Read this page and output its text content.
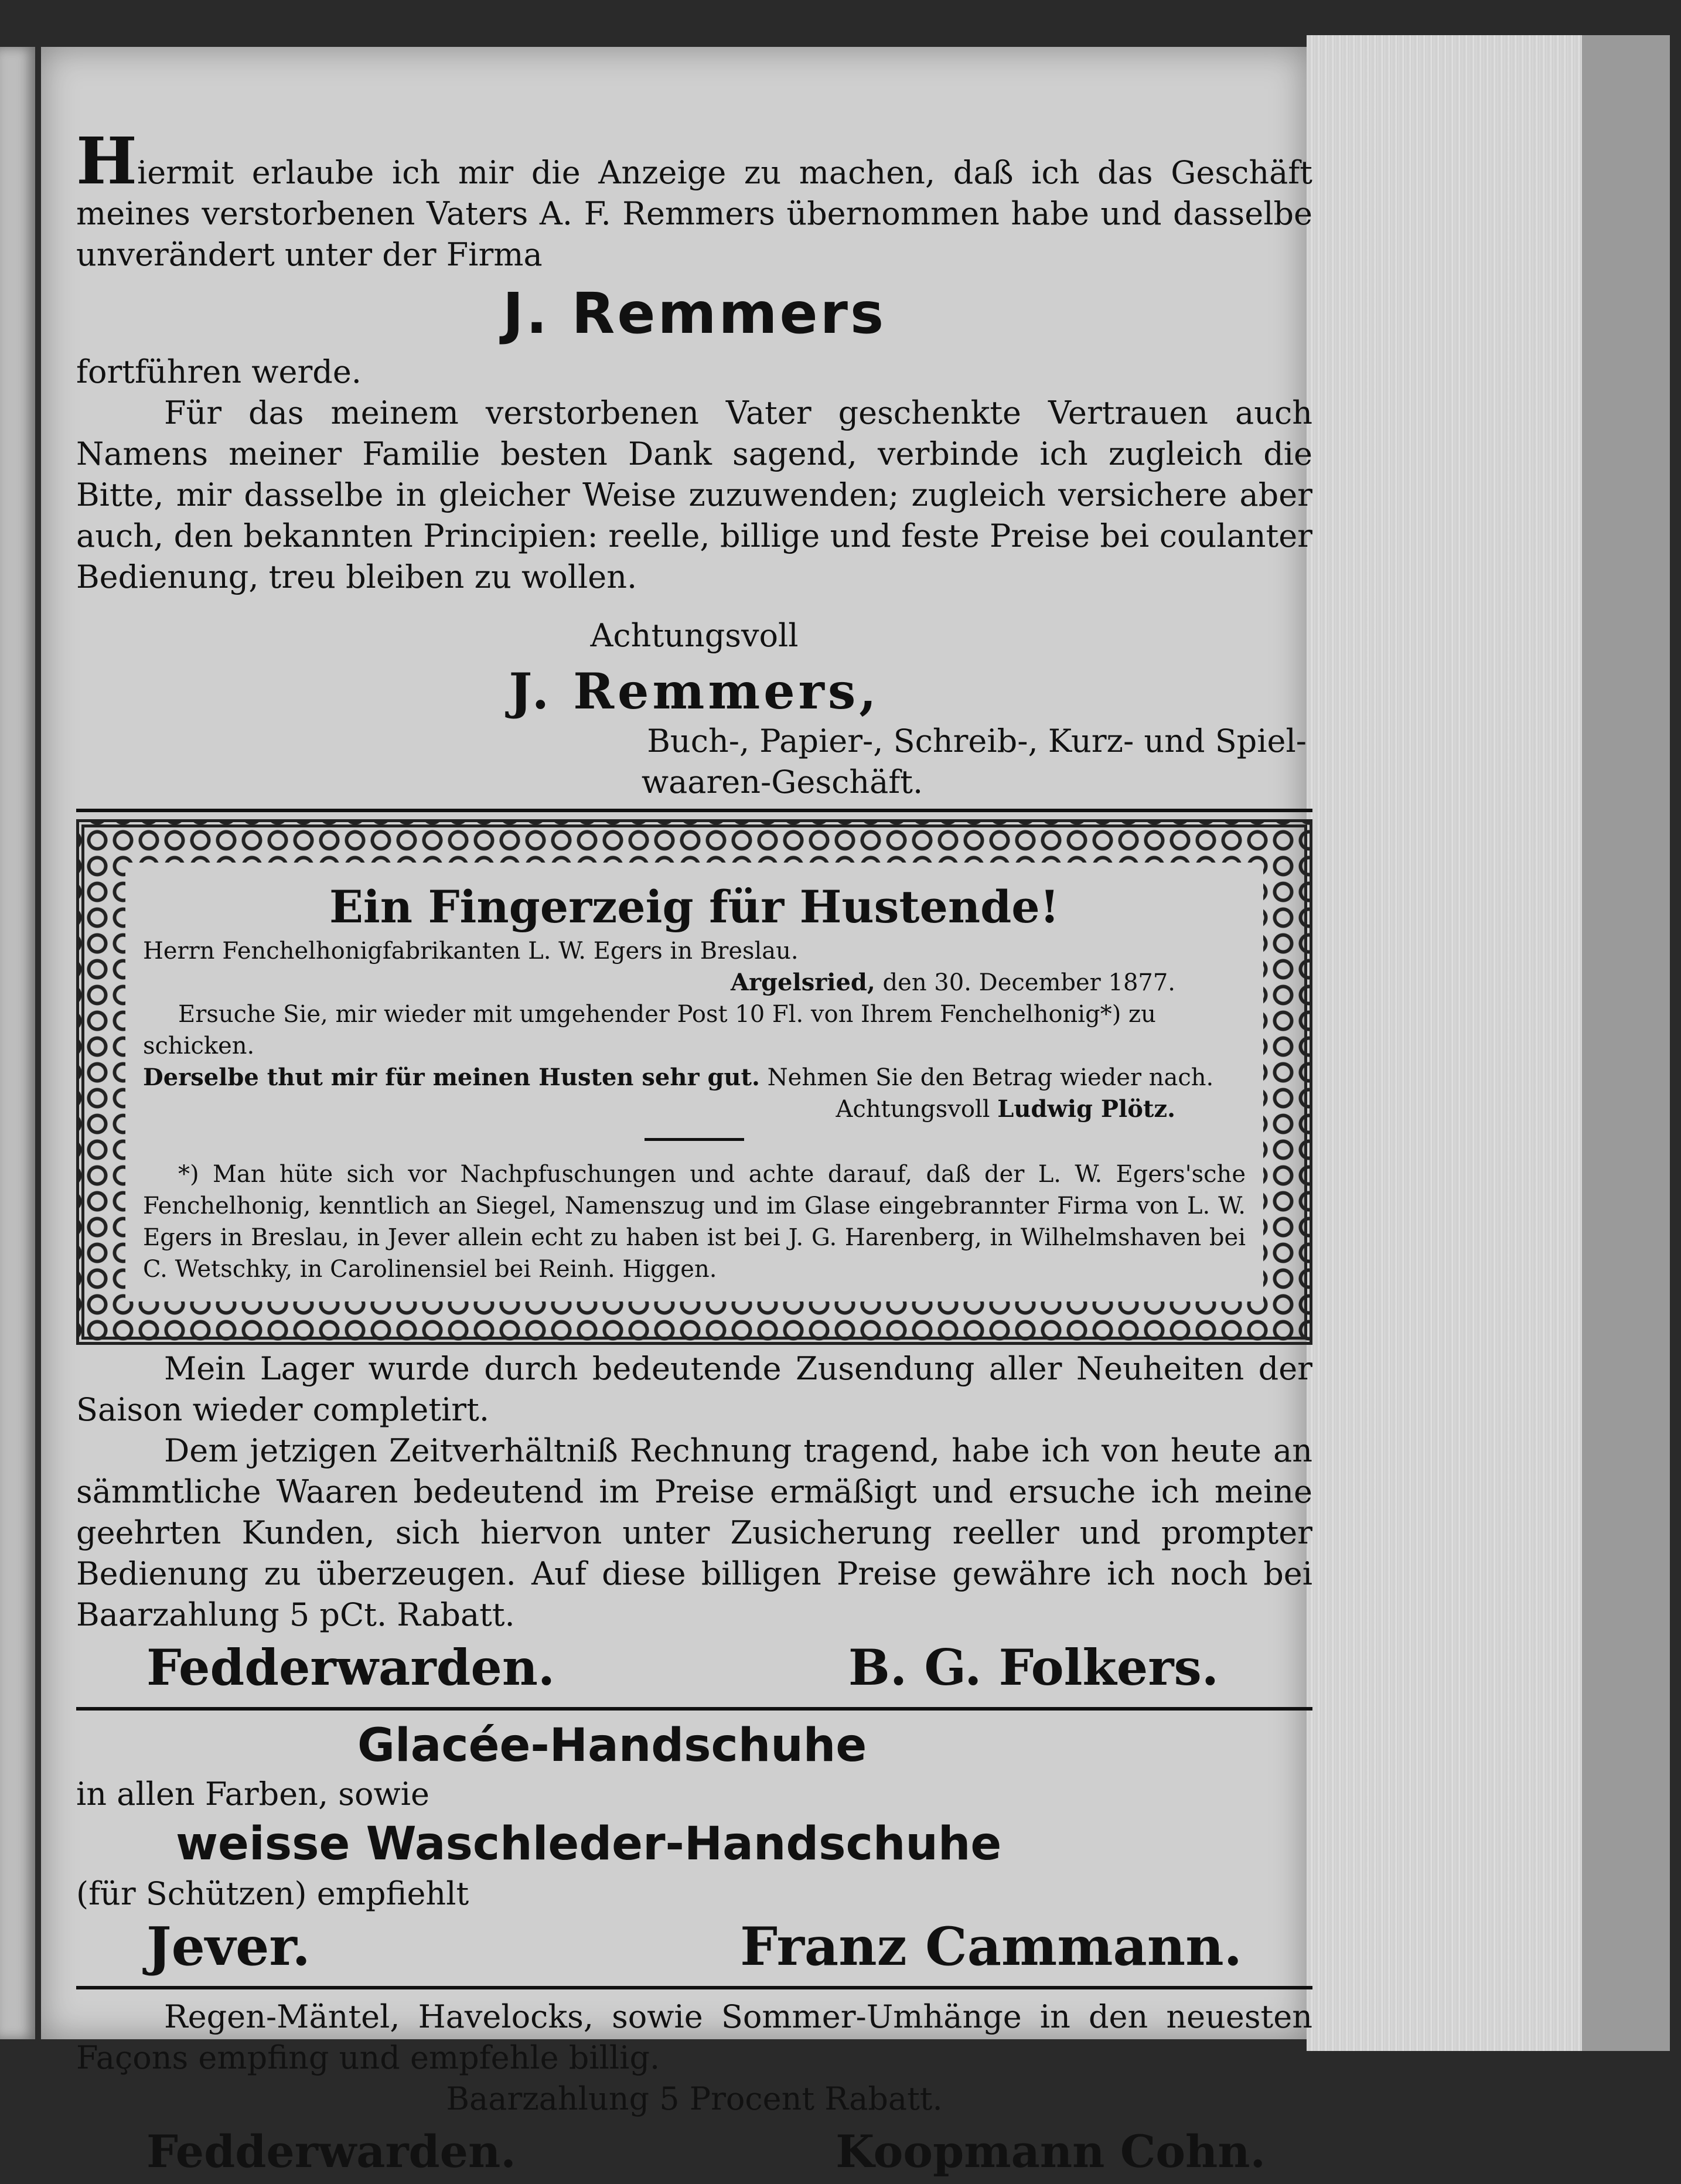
Hiermit erlaube ich mir die Anzeige zu machen, daß ich das Geschäft meines verstorbenen Vaters A. F. Remmers übernommen habe und dasselbe unverändert unter der Firma

J. Remmers

fortführen werde.

Für das meinem verstorbenen Vater geschenkte Vertrauen auch Namens meiner Familie besten Dank sagend, verbinde ich zugleich die Bitte, mir dasselbe in gleicher Weise zuzuwenden; zugleich versichere aber auch, den bekannten Principien: reelle, billige und feste Preise bei coulanter Bedienung, treu bleiben zu wollen.

Achtungsvoll
J. Remmers,
Buch-, Papier-, Schreib-, Kurz- und Spiel-
waaren-Geschäft.
Ein Fingerzeig für Hustende!
Herrn Fenchelhonigfabrikanten L. W. Egers in Breslau.
Argelsried, den 30. December 1877.
Ersuche Sie, mir wieder mit umgehender Post 10 Fl. von Ihrem Fenchelhonig*) zu schicken.
Derselbe thut mir für meinen Husten sehr gut. Nehmen Sie den Betrag wieder nach.
Achtungsvoll Ludwig Plötz.
*) Man hüte sich vor Nachpfuschungen und achte darauf, daß der L. W. Egers'sche Fenchelhonig, kenntlich an Siegel, Namenszug und im Glase eingebrannter Firma von L. W. Egers in Breslau, in Jever allein echt zu haben ist bei J. G. Harenberg, in Wilhelmshaven bei C. Wetschky, in Carolinensiel bei Reinh. Higgen.

Mein Lager wurde durch bedeutende Zusendung aller Neuheiten der Saison wieder completirt.

Dem jetzigen Zeitverhältniß Rechnung tragend, habe ich von heute an sämmtliche Waaren bedeutend im Preise ermäßigt und ersuche ich meine geehrten Kunden, sich hiervon unter Zusicherung reeller und prompter Bedienung zu überzeugen. Auf diese billigen Preise gewähre ich noch bei Baarzahlung 5 pCt. Rabatt.

Fedderwarden.	B. G. Folkers.
Glacée-Handschuhe
in allen Farben, sowie
weisse Waschleder-Handschuhe
(für Schützen) empfiehlt
Jever.	Franz Cammann.

Regen-Mäntel, Havelocks, sowie Sommer-Umhänge in den neuesten Façons empfing und empfehle billig.

Baarzahlung 5 Procent Rabatt.
Fedderwarden.	Koopmann Cohn.
